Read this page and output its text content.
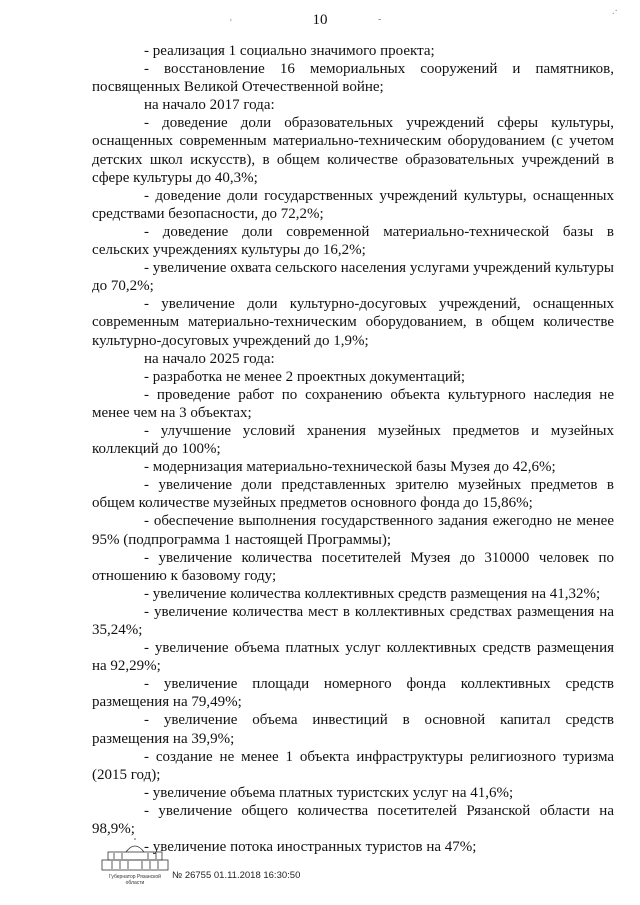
10
'	-
.·

- реализация 1 социально значимого проекта;

- восстановление 16 мемориальных сооружений и памятников, посвященных Великой Отечественной войне;

на начало 2017 года:

- доведение доли образовательных учреждений сферы культуры, оснащенных современным материально-техническим оборудованием (с учетом детских школ искусств), в общем количестве образовательных учреждений в сфере культуры до 40,3%;

- доведение доли государственных учреждений культуры, оснащенных средствами безопасности, до 72,2%;

- доведение доли современной материально-технической базы в сельских учреждениях культуры до 16,2%;

- увеличение охвата сельского населения услугами учреждений культуры до 70,2%;

- увеличение доли культурно-досуговых учреждений, оснащенных современным материально-техническим оборудованием, в общем количестве культурно-досуговых учреждений до 1,9%;

на начало 2025 года:

- разработка не менее 2 проектных документаций;

- проведение работ по сохранению объекта культурного наследия не менее чем на 3 объектах;

- улучшение условий хранения музейных предметов и музейных коллекций до 100%;

- модернизация материально-технической базы Музея до 42,6%;

- увеличение доли представленных зрителю музейных предметов в общем количестве музейных предметов основного фонда до 15,86%;

- обеспечение выполнения государственного задания ежегодно не менее 95% (подпрограмма 1 настоящей Программы);

- увеличение количества посетителей Музея до 310000 человек по отношению к базовому году;

- увеличение количества коллективных средств размещения на 41,32%;

- увеличение количества мест в коллективных средствах размещения на 35,24%;

- увеличение объема платных услуг коллективных средств размещения на 92,29%;

- увеличение площади номерного фонда коллективных средств размещения на 79,49%;

- увеличение объема инвестиций в основной капитал средств размещения на 39,9%;

- создание не менее 1 объекта инфраструктуры религиозного туризма (2015 год);

- увеличение объема платных туристских услуг на 41,6%;

- увеличение общего количества посетителей Рязанской области на 98,9%;

- увеличение потока иностранных туристов на 47%;

Губернатор Рязанской области
№ 26755 01.11.2018 16:30:50
